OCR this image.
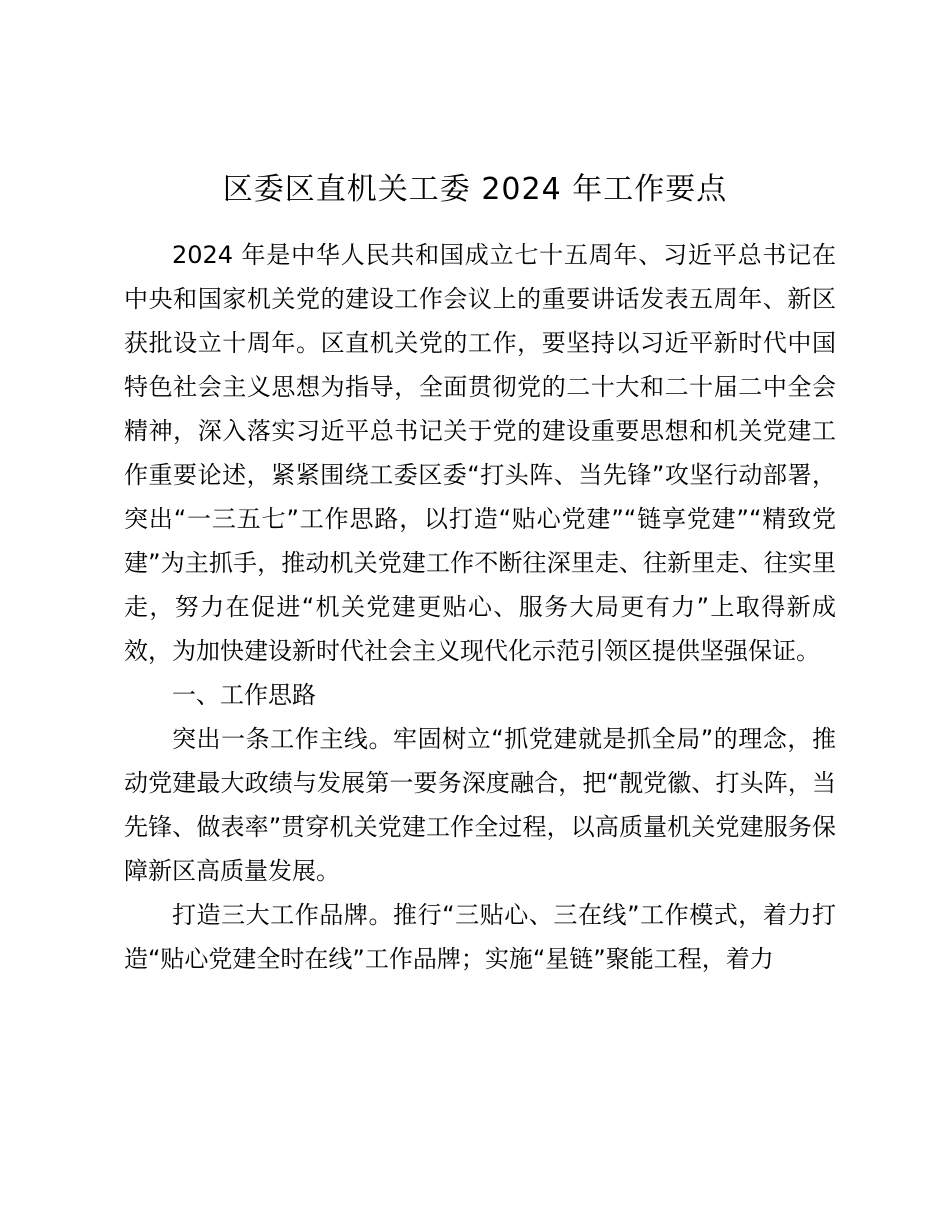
区委区直机关工委 2024 年工作要点

2024 年是中华人民共和国成立七十五周年、习近平总书记在中央和国家机关党的建设工作会议上的重要讲话发表五周年、新区获批设立十周年。区直机关党的工作，要坚持以习近平新时代中国特色社会主义思想为指导，全面贯彻党的二十大和二十届二中全会精神，深入落实习近平总书记关于党的建设重要思想和机关党建工作重要论述，紧紧围绕工委区委“打头阵、当先锋”攻坚行动部署，突出“一三五七”工作思路，以打造“贴心党建”“链享党建”“精致党建”为主抓手，推动机关党建工作不断往深里走、往新里走、往实里走，努力在促进“机关党建更贴心、服务大局更有力”上取得新成效，为加快建设新时代社会主义现代化示范引领区提供坚强保证。

一、工作思路

突出一条工作主线。牢固树立“抓党建就是抓全局”的理念，推动党建最大政绩与发展第一要务深度融合，把“靓党徽、打头阵，当先锋、做表率”贯穿机关党建工作全过程，以高质量机关党建服务保障新区高质量发展。

打造三大工作品牌。推行“三贴心、三在线”工作模式，着力打造“贴心党建全时在线”工作品牌；实施“星链”聚能工程，着力
